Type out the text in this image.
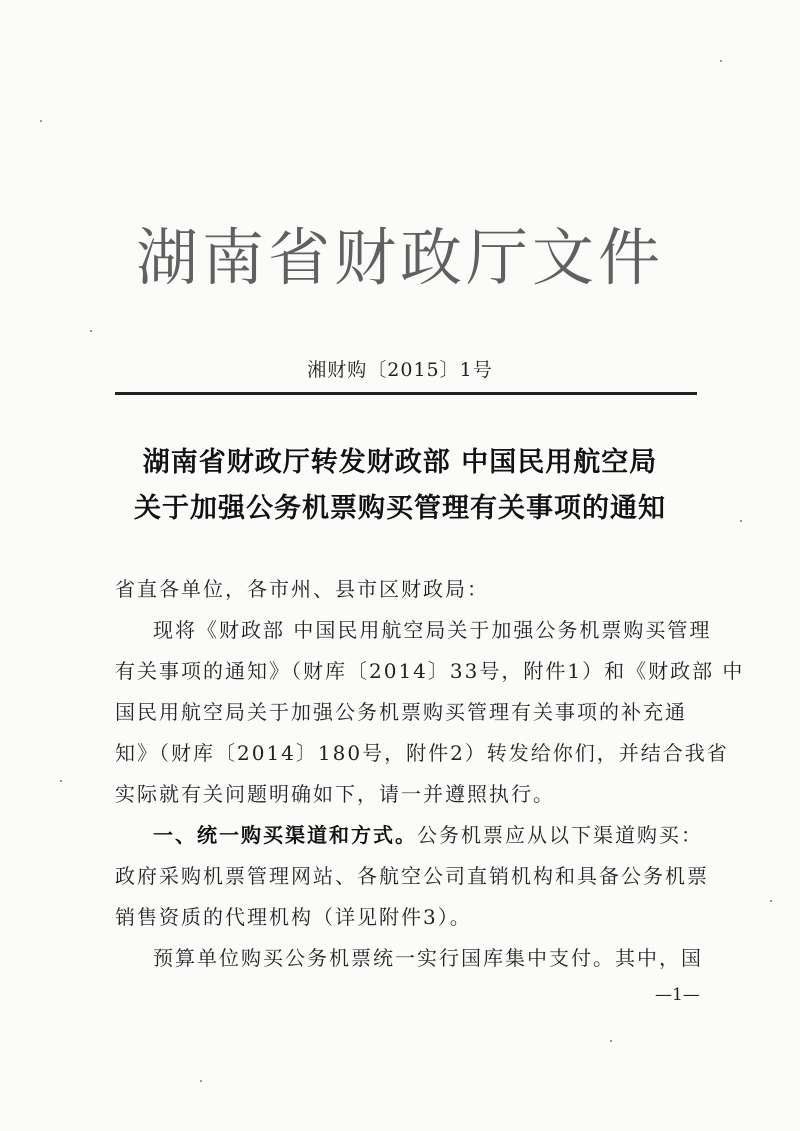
湖南省财政厅文件
湘财购〔2015〕1号
湖南省财政厅转发财政部 中国民用航空局
关于加强公务机票购买管理有关事项的通知
省直各单位，各市州、县市区财政局：
现将《财政部 中国民用航空局关于加强公务机票购买管理
有关事项的通知》（财库〔2014〕33号，附件1）和《财政部 中
国民用航空局关于加强公务机票购买管理有关事项的补充通
知》（财库〔2014〕180号，附件2）转发给你们，并结合我省
实际就有关问题明确如下，请一并遵照执行。
一、统一购买渠道和方式。公务机票应从以下渠道购买：
政府采购机票管理网站、各航空公司直销机构和具备公务机票
销售资质的代理机构（详见附件3）。
预算单位购买公务机票统一实行国库集中支付。其中，国
—1—
